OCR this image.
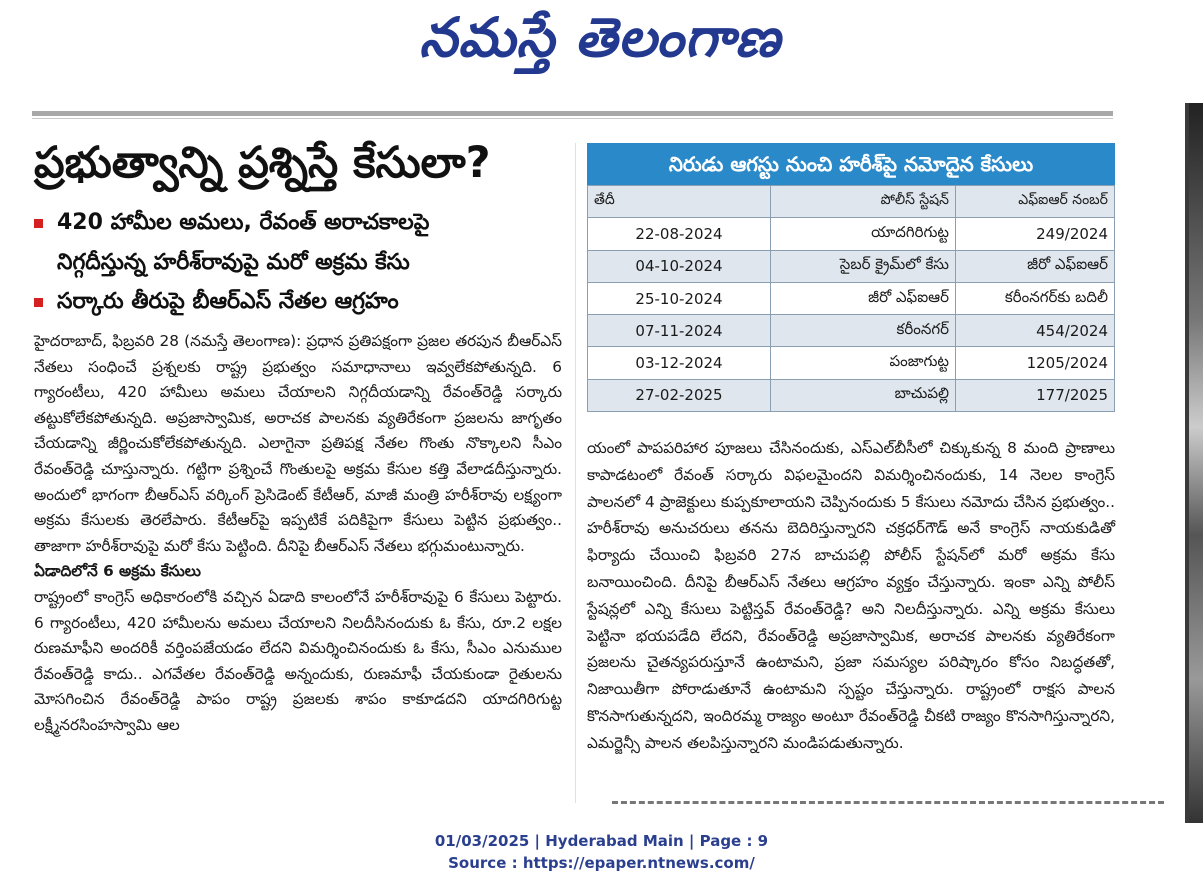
నమస్తే తెలంగాణ
ప్రభుత్వాన్ని ప్రశ్నిస్తే కేసులా?
420 హామీల అమలు, రేవంత్ అరాచకాలపై
నిగ్గదీస్తున్న హరీశ్‌రావుపై మరో అక్రమ కేసు
సర్కారు తీరుపై బీఆర్ఎస్ నేతల ఆగ్రహం

హైదరాబాద్, ఫిబ్రవరి 28 (నమస్తే తెలంగాణ): ప్రధాన ప్రతిపక్షంగా ప్రజల తరపున బీఆర్ఎస్ నేతలు సంధించే ప్రశ్నలకు రాష్ట్ర ప్రభుత్వం సమాధానాలు ఇవ్వలేకపోతున్నది. 6 గ్యారంటీలు, 420 హామీలు అమలు చేయాలని నిగ్గదీయడాన్ని రేవంత్‌రెడ్డి సర్కారు తట్టుకోలేకపోతున్నది. అప్రజాస్వామిక, అరాచక పాలనకు వ్యతిరేకంగా ప్రజలను జాగృతం చేయడాన్ని జీర్ణించుకోలేకపోతున్నది. ఎలాగైనా ప్రతిపక్ష నేతల గొంతు నొక్కాలని సీఎం రేవంత్‌రెడ్డి చూస్తున్నారు. గట్టిగా ప్రశ్నించే గొంతులపై అక్రమ కేసుల కత్తి వేలాడదీస్తున్నారు. అందులో భాగంగా బీఆర్ఎస్ వర్కింగ్ ప్రెసిడెంట్ కేటీఆర్, మాజీ మంత్రి హరీశ్‌రావు లక్ష్యంగా అక్రమ కేసులకు తెరలేపారు. కేటీఆర్‌పై ఇప్పటికే పదికిపైగా కేసులు పెట్టిన ప్రభుత్వం.. తాజాగా హరీశ్‌రావుపై మరో కేసు పెట్టింది. దీనిపై బీఆర్ఎస్ నేతలు భగ్గుమంటున్నారు.

ఏడాదిలోనే 6 అక్రమ కేసులు

రాష్ట్రంలో కాంగ్రెస్ అధికారంలోకి వచ్చిన ఏడాది కాలంలోనే హరీశ్‌రావుపై 6 కేసులు పెట్టారు. 6 గ్యారంటీలు, 420 హామీలను అమలు చేయాలని నిలదీసినందుకు ఓ కేసు, రూ.2 లక్షల రుణమాఫీని అందరికీ వర్తింపజేయడం లేదని విమర్శించినందుకు ఓ కేసు, సీఎం ఎనుముల రేవంత్‌రెడ్డి కాదు.. ఎగవేతల రేవంత్‌రెడ్డి అన్నందుకు, రుణమాఫీ చేయకుండా రైతులను మోసగించిన రేవంత్‌రెడ్డి పాపం రాష్ట్ర ప్రజలకు శాపం కాకూడదని యాదగిరిగుట్ట లక్ష్మీనరసింహస్వామి ఆల

నిరుడు ఆగస్టు నుంచి హరీశ్‌పై నమోదైన కేసులు
తేదీ	పోలీస్ స్టేషన్	ఎఫ్ఐఆర్ నంబర్
22-08-2024	యాదగిరిగుట్ట	249/2024
04-10-2024	సైబర్ క్రైమ్‌లో కేసు	జీరో ఎఫ్ఐఆర్
25-10-2024	జీరో ఎఫ్ఐఆర్	కరీంనగర్‌కు బదిలీ
07-11-2024	కరీంనగర్	454/2024
03-12-2024	పంజాగుట్ట	1205/2024
27-02-2025	బాచుపల్లి	177/2025

యంలో పాపపరిహార పూజలు చేసినందుకు, ఎస్ఎల్‌బీసీలో చిక్కుకున్న 8 మంది ప్రాణాలు కాపాడటంలో రేవంత్ సర్కారు విఫలమైందని విమర్శించినందుకు, 14 నెలల కాంగ్రెస్ పాలనలో 4 ప్రాజెక్టులు కుప్పకూలాయని చెప్పినందుకు 5 కేసులు నమోదు చేసిన ప్రభుత్వం.. హరీశ్‌రావు అనుచరులు తనను బెదిరిస్తున్నారని చక్రధర్‌గౌడ్ అనే కాంగ్రెస్ నాయకుడితో ఫిర్యాదు చేయించి ఫిబ్రవరి 27న బాచుపల్లి పోలీస్ స్టేషన్‌లో మరో అక్రమ కేసు బనాయించింది. దీనిపై బీఆర్ఎస్ నేతలు ఆగ్రహం వ్యక్తం చేస్తున్నారు. ఇంకా ఎన్ని పోలీస్ స్టేషన్లలో ఎన్ని కేసులు పెట్టిస్తవ్ రేవంత్‌రెడ్డి? అని నిలదీస్తున్నారు. ఎన్ని అక్రమ కేసులు పెట్టినా భయపడేది లేదని, రేవంత్‌రెడ్డి అప్రజాస్వామిక, అరాచక పాలనకు వ్యతిరేకంగా ప్రజలను చైతన్యపరుస్తూనే ఉంటామని, ప్రజా సమస్యల పరిష్కారం కోసం నిబద్ధతతో, నిజాయితీగా పోరాడుతూనే ఉంటామని స్పష్టం చేస్తున్నారు. రాష్ట్రంలో రాక్షస పాలన కొనసాగుతున్నదని, ఇందిరమ్మ రాజ్యం అంటూ రేవంత్‌రెడ్డి చీకటి రాజ్యం కొనసాగిస్తున్నారని, ఎమర్జెన్సీ పాలన తలపిస్తున్నారని మండిపడుతున్నారు.

01/03/2025 | Hyderabad Main | Page : 9
Source : https://epaper.ntnews.com/
